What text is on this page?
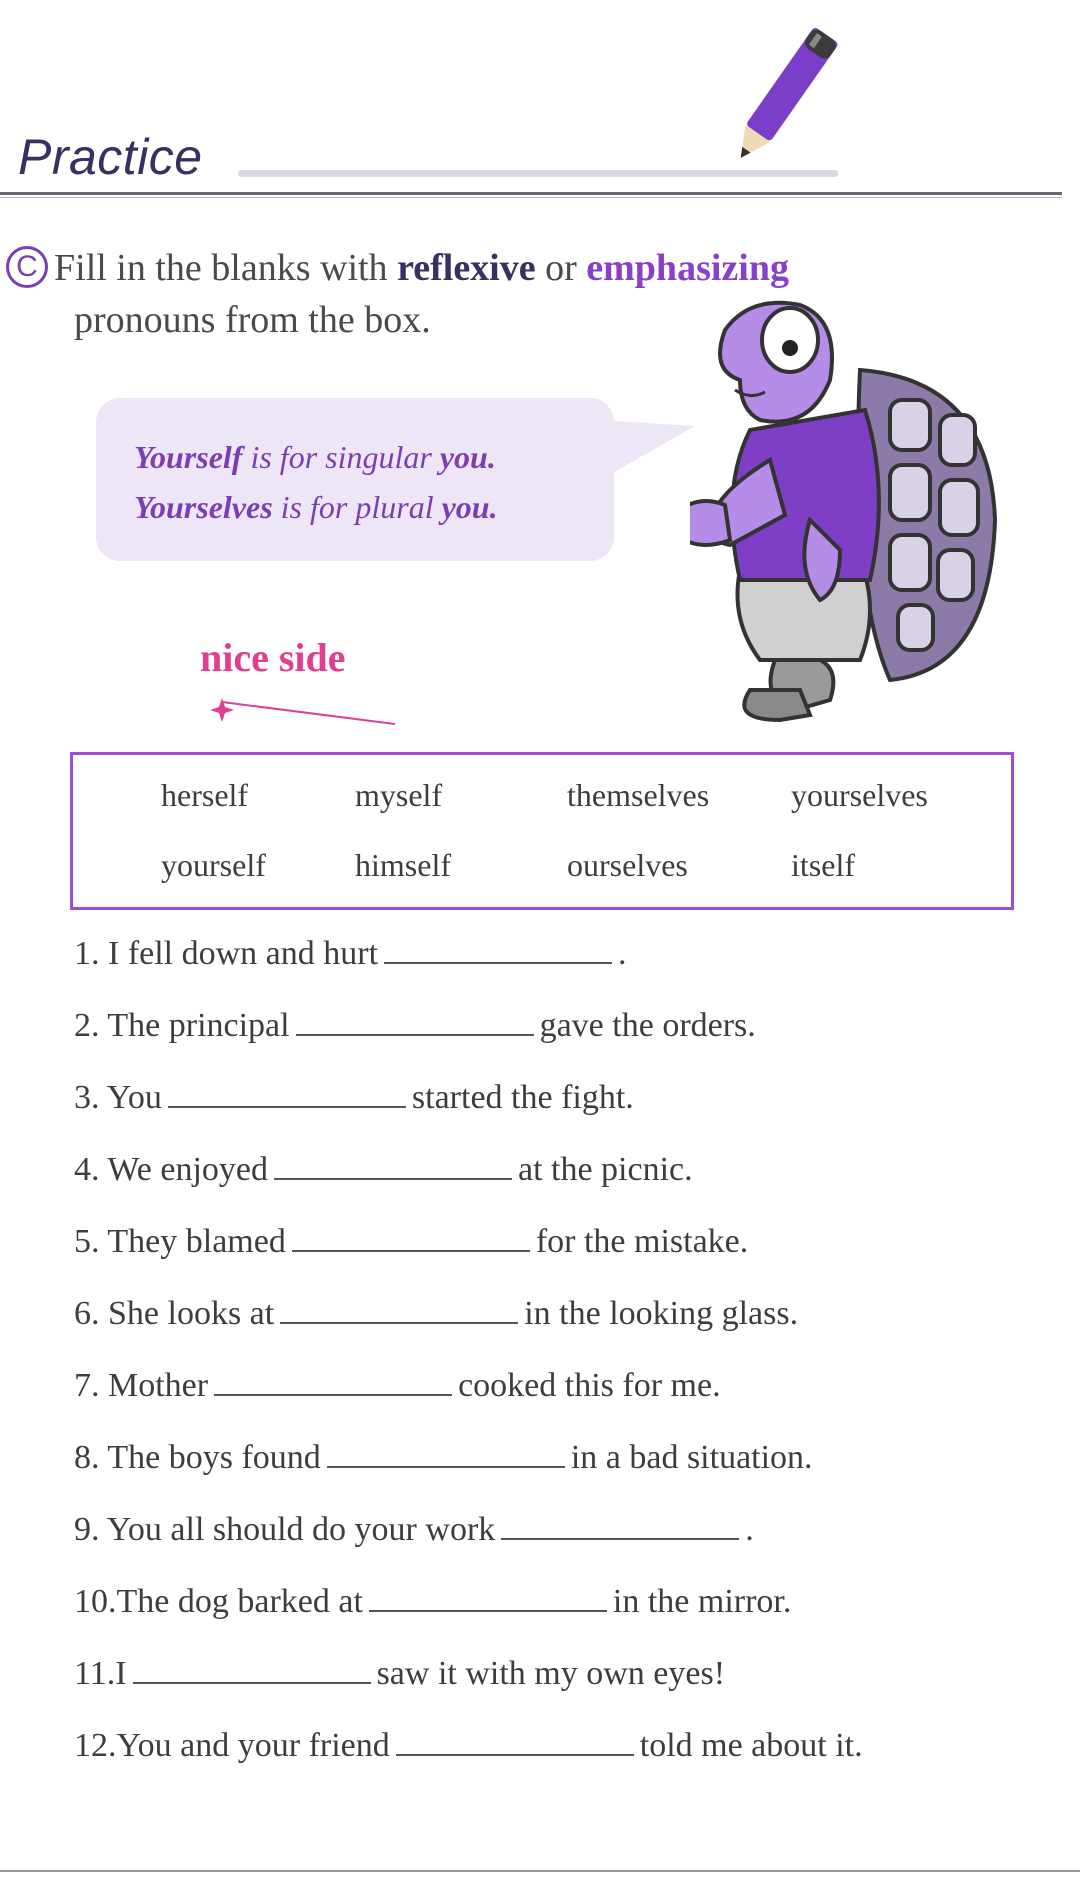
Practice
C Fill in the blanks with reflexive or emphasizing
pronouns from the box.
Yourself is for singular you.
Yourselves is for plural you.
nice side
herself	myself	themselves	yourselves
yourself	himself	ourselves	itself
1. I fell down and hurt	.
2. The principal	gave the orders.
3. You	started the fight.
4. We enjoyed	at the picnic.
5. They blamed	for the mistake.
6. She looks at	in the looking glass.
7. Mother	cooked this for me.
8. The boys found	in a bad situation.
9. You all should do your work	.
10.The dog barked at	in the mirror.
11.I	saw it with my own eyes!
12.You and your friend	told me about it.
